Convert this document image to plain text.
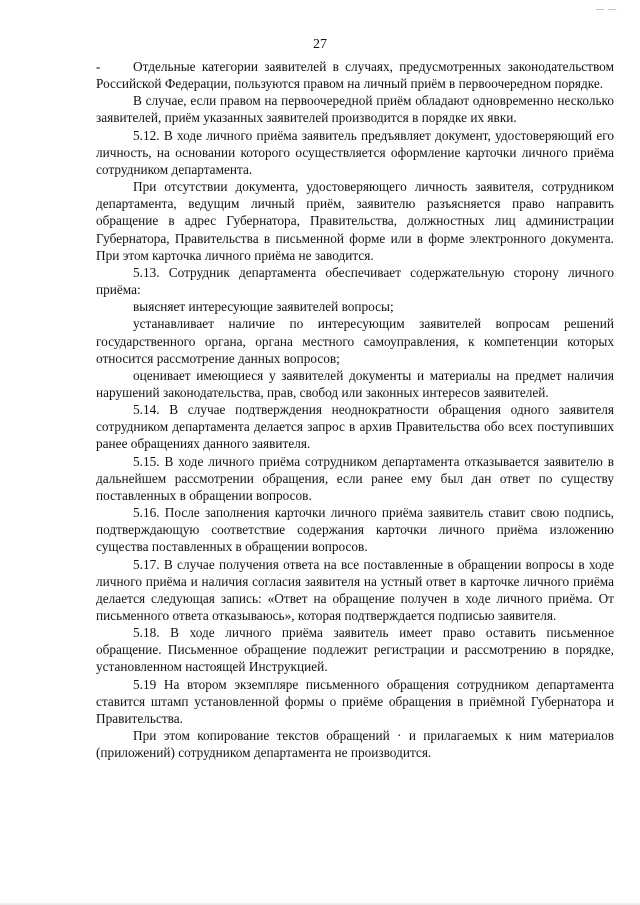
— —
27

- Отдельные категории заявителей в случаях, предусмотренных законодательством Российской Федерации, пользуются правом на личный приём в первоочередном порядке.

В случае, если правом на первоочередной приём обладают одновременно несколько заявителей, приём указанных заявителей производится в порядке их явки.

5.12. В ходе личного приёма заявитель предъявляет документ, удостоверяющий его личность, на основании которого осуществляется оформление карточки личного приёма сотрудником департамента.

При отсутствии документа, удостоверяющего личность заявителя, сотрудником департамента, ведущим личный приём, заявителю разъясняется право направить обращение в адрес Губернатора, Правительства, должностных лиц администрации Губернатора, Правительства в письменной форме или в форме электронного документа. При этом карточка личного приёма не заводится.

5.13. Сотрудник департамента обеспечивает содержательную сторону личного приёма:

выясняет интересующие заявителей вопросы;

устанавливает наличие по интересующим заявителей вопросам решений государственного органа, органа местного самоуправления, к компетенции которых относится рассмотрение данных вопросов;

оценивает имеющиеся у заявителей документы и материалы на предмет наличия нарушений законодательства, прав, свобод или законных интересов заявителей.

5.14. В случае подтверждения неоднократности обращения одного заявителя сотрудником департамента делается запрос в архив Правительства обо всех поступивших ранее обращениях данного заявителя.

5.15. В ходе личного приёма сотрудником департамента отказывается заявителю в дальнейшем рассмотрении обращения, если ранее ему был дан ответ по существу поставленных в обращении вопросов.

5.16. После заполнения карточки личного приёма заявитель ставит свою подпись, подтверждающую соответствие содержания карточки личного приёма изложению существа поставленных в обращении вопросов.

5.17. В случае получения ответа на все поставленные в обращении вопросы в ходе личного приёма и наличия согласия заявителя на устный ответ в карточке личного приёма делается следующая запись: «Ответ на обращение получен в ходе личного приёма. От письменного ответа отказываюсь», которая подтверждается подписью заявителя.

5.18. В ходе личного приёма заявитель имеет право оставить письменное обращение. Письменное обращение подлежит регистрации и рассмотрению в порядке, установленном настоящей Инструкцией.

5.19 На втором экземпляре письменного обращения сотрудником департамента ставится штамп установленной формы о приёме обращения в приёмной Губернатора и Правительства.

При этом копирование текстов обращений · и прилагаемых к ним материалов (приложений) сотрудником департамента не производится.
